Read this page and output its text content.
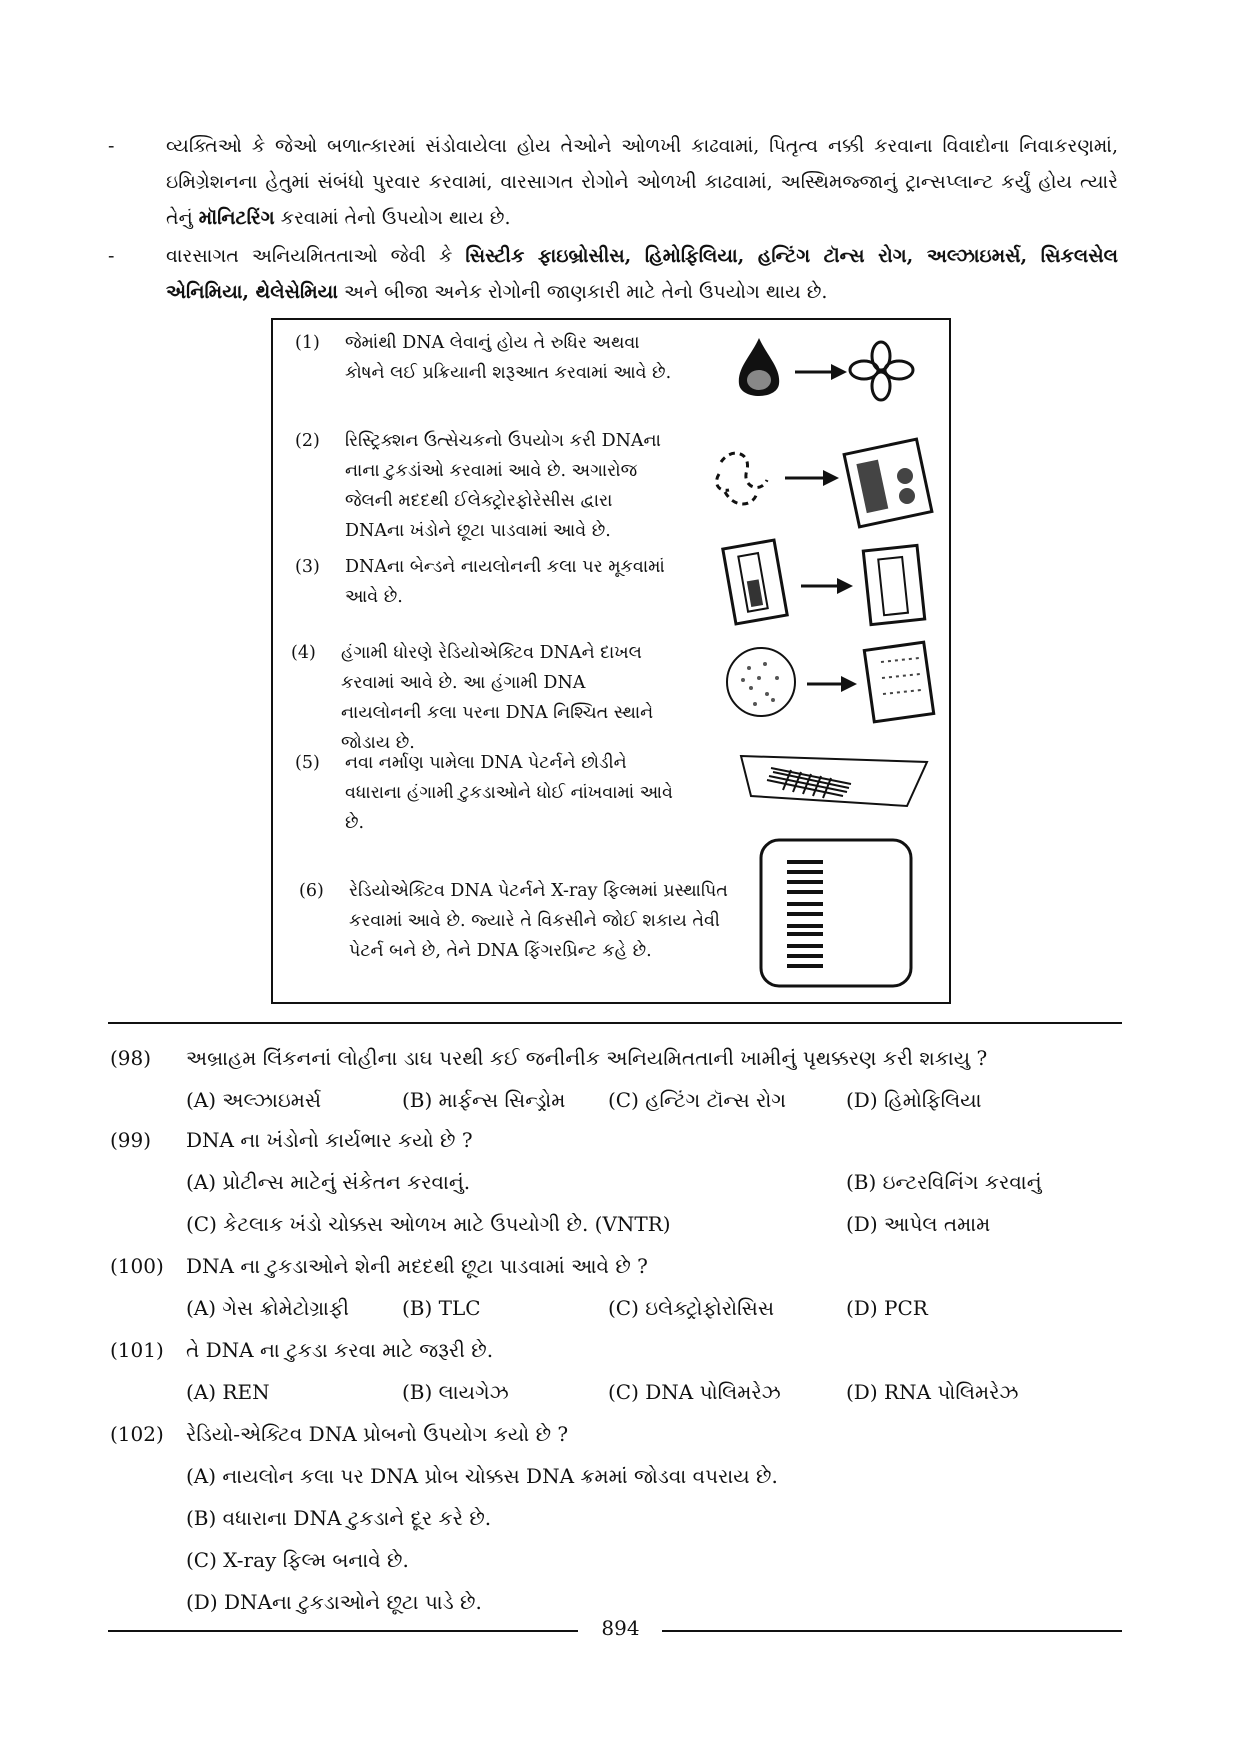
-	વ્યક્તિઓ કે જેઓ બળાત્કારમાં સંડોવાયેલા હોય તેઓને ઓળખી કાઢવામાં, પિતૃત્વ નક્કી કરવાના વિવાદોના નિવાકરણમાં, ઇમિગ્રેશનના હેતુમાં સંબંધો પુરવાર કરવામાં, વારસાગત રોગોને ઓળખી કાઢવામાં, અસ્થિમજ્જાનું ટ્રાન્સપ્લાન્ટ કર્યું હોય ત્યારે તેનું મૉનિટરિંગ કરવામાં તેનો ઉપયોગ થાય છે.
-	વારસાગત અનિયમિતતાઓ જેવી કે સિસ્ટીક ફાઇબ્રોસીસ, હિમોફિલિયા, હન્ટિંગ ટૉન્સ રોગ, અલ્ઝાઇમર્સ, સિકલસેલ એનિમિયા, થેલેસેમિયા અને બીજા અનેક રોગોની જાણકારી માટે તેનો ઉપયોગ થાય છે.
(1) જેમાંથી DNA લેવાનું હોય તે રુધિર અથવા કોષને લઈ પ્રક્રિયાની શરૂઆત કરવામાં આવે છે.
(2) રિસ્ટ્રિક્શન ઉત્સેચકનો ઉપયોગ કરી DNAના નાના ટુકડાંઓ કરવામાં આવે છે. અગારોજ જેલની મદદથી ઈલેક્ટ્રોરફોરેસીસ દ્વારા DNAના ખંડોને છૂટા પાડવામાં આવે છે.
(3) DNAના બેન્ડને નાયલોનની કલા પર મૂકવામાં આવે છે.
(4) હંગામી ધોરણે રેડિયોએક્ટિવ DNAને દાખલ કરવામાં આવે છે. આ હંગામી DNA નાયલોનની કલા પરના DNA નિશ્ચિત સ્થાને જોડાય છે.
(5) નવા નર્માણ પામેલા DNA પેટર્નને છોડીને વધારાના હંગામી ટુકડાઓને ધોઈ નાંખવામાં આવે છે.
(6) રેડિયોએક્ટિવ DNA પેટર્નને X-ray ફિલ્મમાં પ્રસ્થાપિત કરવામાં આવે છે. જ્યારે તે વિકસીને જોઈ શકાય તેવી પેટર્ન બને છે, તેને DNA ફિંગરપ્રિન્ટ કહે છે.
(98) અબ્રાહમ લિંકનનાં લોહીના ડાઘ પરથી કઈ જનીનીક અનિયમિતતાની ખામીનું પૃથક્કરણ કરી શકાયુ ?
(A) અલ્ઝાઇમર્સ	(B) માર્ફન્સ સિન્ડ્રોમ (C) હન્ટિંગ ટૉન્સ રોગ	(D) હિમોફિલિયા
(99) DNA ના ખંડોનો કાર્યભાર કયો છે ?
(A) પ્રોટીન્સ માટેનું સંકેતન કરવાનું.	(B) ઇન્ટરવિનિંગ કરવાનું
(C) કેટલાક ખંડો ચોક્કસ ઓળખ માટે ઉપયોગી છે. (VNTR)	(D) આપેલ તમામ
(100) DNA ના ટુકડાઓને શેની મદદથી છૂટા પાડવામાં આવે છે ?
(A) ગેસ ક્રોમેટોગ્રાફી	(B) TLC	(C) ઇલેક્ટ્રોફોરોસિસ	(D) PCR
(101) તે DNA ના ટુકડા કરવા માટે જરૂરી છે.
(A) REN	(B) લાયગેઝ	(C) DNA પોલિમરેઝ	(D) RNA પોલિમરેઝ
(102) રેડિયો-એક્ટિવ DNA પ્રોબનો ઉપયોગ કયો છે ?
(A) નાયલોન કલા પર DNA પ્રોબ ચોક્કસ DNA ક્રમમાં જોડવા વપરાય છે.
(B) વધારાના DNA ટુકડાને દૂર કરે છે.
(C) X-ray ફિલ્મ બનાવે છે.
(D) DNAના ટુકડાઓને છૂટા પાડે છે.
894
